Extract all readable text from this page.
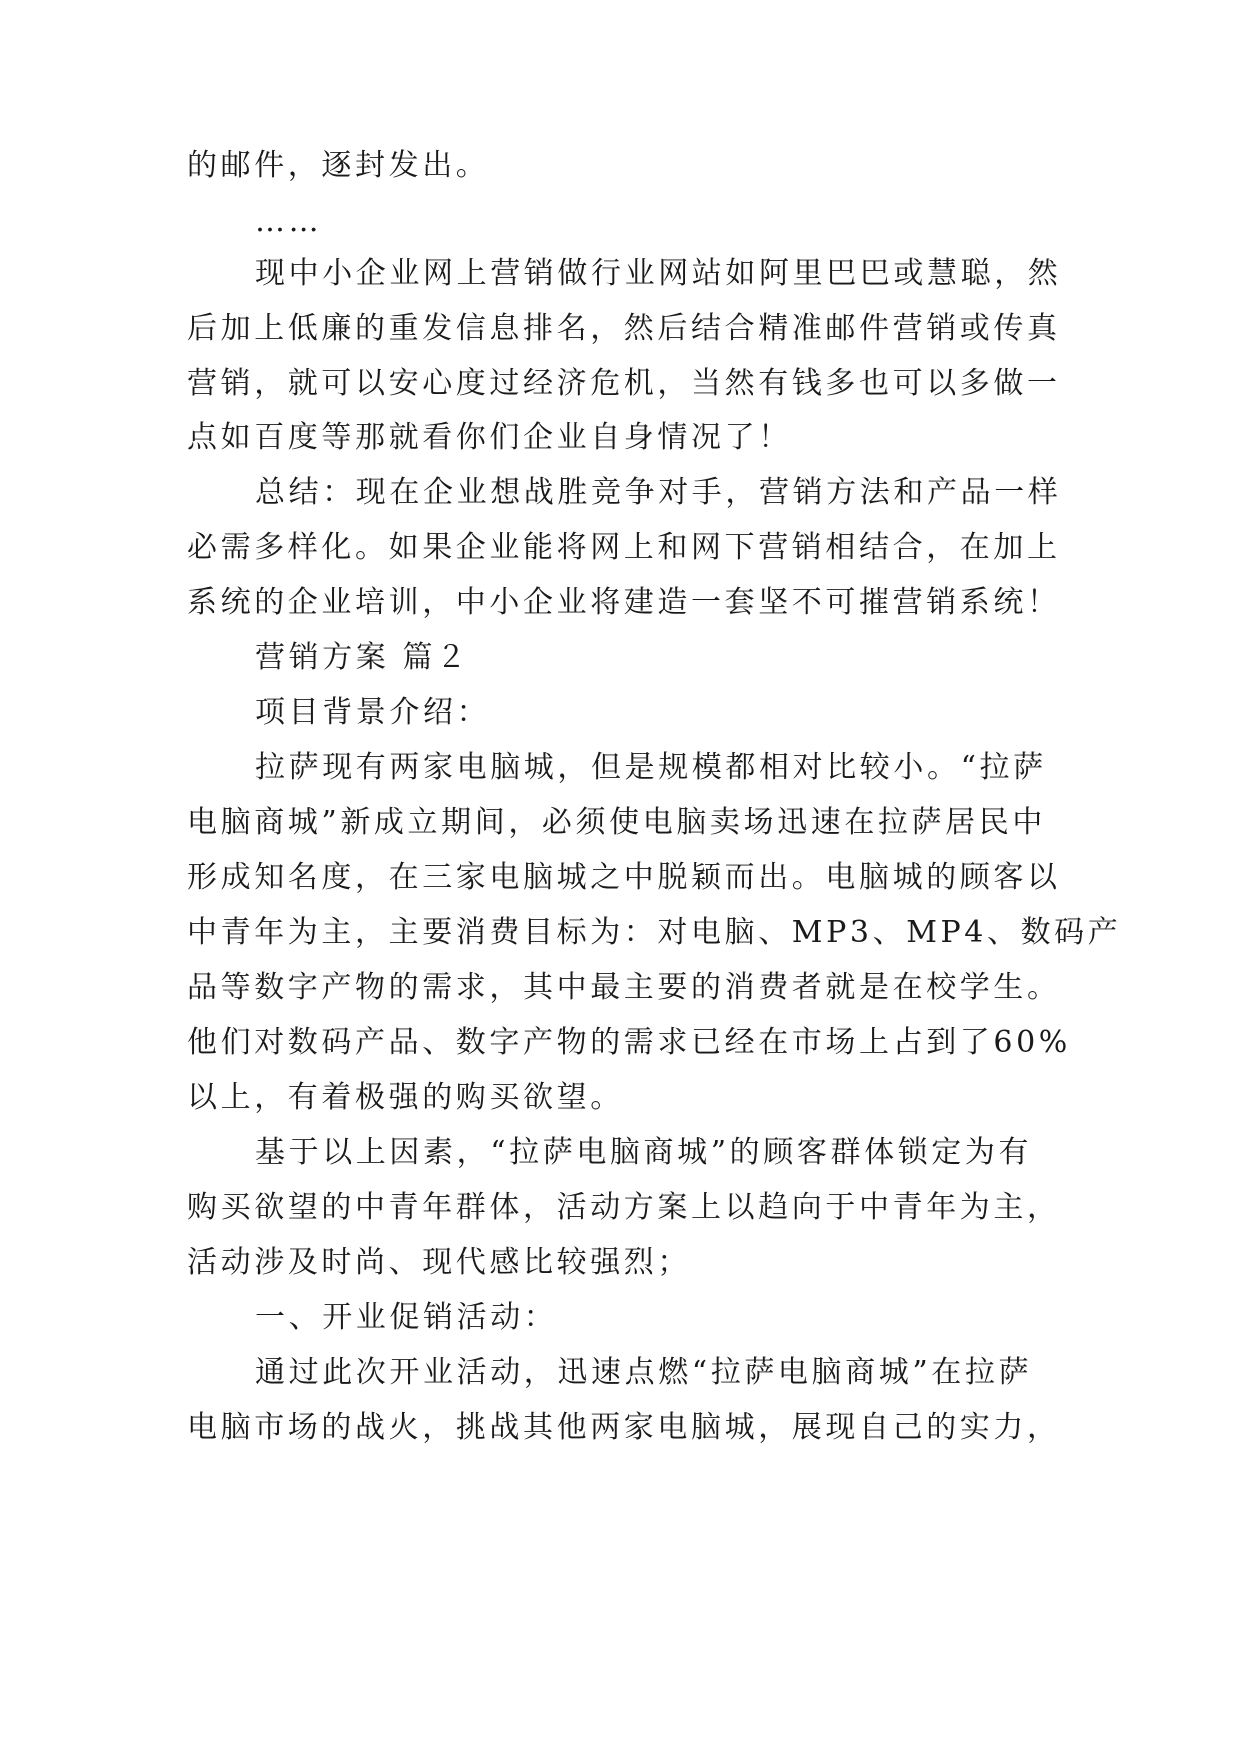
的邮件，逐封发出。
……
现中小企业网上营销做行业网站如阿里巴巴或慧聪，然
后加上低廉的重发信息排名，然后结合精准邮件营销或传真
营销，就可以安心度过经济危机，当然有钱多也可以多做一
点如百度等那就看你们企业自身情况了！
总结：现在企业想战胜竞争对手，营销方法和产品一样
必需多样化。如果企业能将网上和网下营销相结合，在加上
系统的企业培训，中小企业将建造一套坚不可摧营销系统！
营销方案 篇２
项目背景介绍：
拉萨现有两家电脑城，但是规模都相对比较小。“拉萨
电脑商城”新成立期间，必须使电脑卖场迅速在拉萨居民中
形成知名度，在三家电脑城之中脱颖而出。电脑城的顾客以
中青年为主，主要消费目标为：对电脑、MP3、MP4、数码产
品等数字产物的需求，其中最主要的消费者就是在校学生。
他们对数码产品、数字产物的需求已经在市场上占到了60%
以上，有着极强的购买欲望。
基于以上因素，“拉萨电脑商城”的顾客群体锁定为有
购买欲望的中青年群体，活动方案上以趋向于中青年为主，
活动涉及时尚、现代感比较强烈；
一、开业促销活动：
通过此次开业活动，迅速点燃“拉萨电脑商城”在拉萨
电脑市场的战火，挑战其他两家电脑城，展现自己的实力，
